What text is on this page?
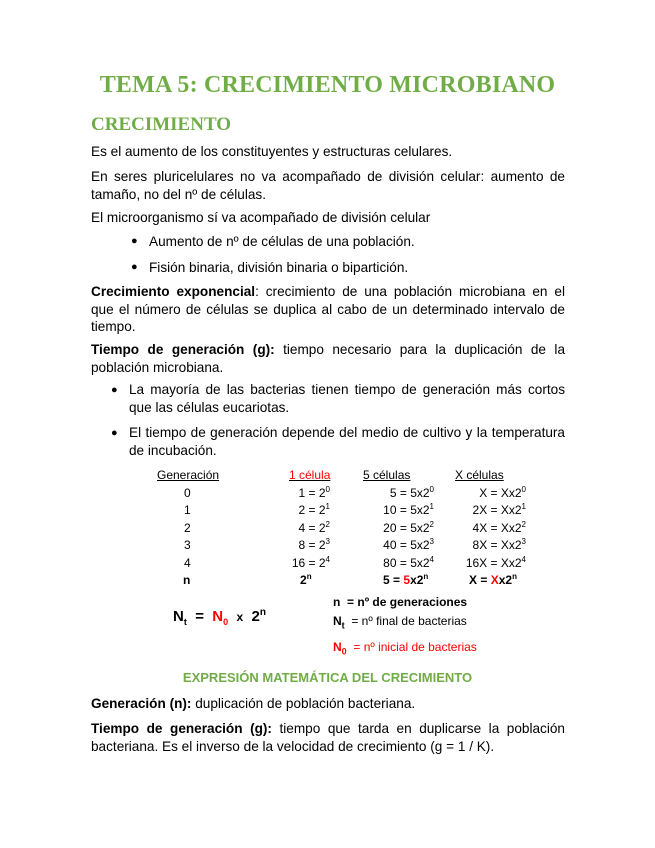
TEMA 5: CRECIMIENTO MICROBIANO
CRECIMIENTO
Es el aumento de los constituyentes y estructuras celulares.
En seres pluricelulares no va acompañado de división celular: aumento de tamaño, no del nº de células.
El microorganismo sí va acompañado de división celular
● Aumento de nº de células de una población.
● Fisión binaria, división binaria o bipartición.
Crecimiento exponencial: crecimiento de una población microbiana en el que el número de células se duplica al cabo de un determinado intervalo de tiempo.
Tiempo de generación (g): tiempo necesario para la duplicación de la población microbiana.
● La mayoría de las bacterias tienen tiempo de generación más cortos que las células eucariotas.
● El tiempo de generación depende del medio de cultivo y la temperatura de incubación.
Generación	1 célula	5 células	X células
0	$1 = 2^0$	$5 = 5x2^0$	$X = Xx2^0$
1	$2 = 2^1$	$10 = 5x2^1$	$2X = Xx2^1$
2	$4 = 2^2$	$20 = 5x2^2$	$4X = Xx2^2$
3	$8 = 2^3$	$40 = 5x2^3$	$8X = Xx2^3$
4	$16 = 2^4$	$80 = 5x2^4$	$16X = Xx2^4$
n	2$^n$	$5 = 5x2^n$	$X = Xx2^n$
$N_t = N_0$ x 2$^n$
n = nº de generaciones
$N_t$ = nº final de bacterias
$N_0$ = nº inicial de bacterias
EXPRESIÓN MATEMÁTICA DEL CRECIMIENTO
Generación (n): duplicación de población bacteriana.
Tiempo de generación (g): tiempo que tarda en duplicarse la población bacteriana. Es el inverso de la velocidad de crecimiento (g = 1 / K).
